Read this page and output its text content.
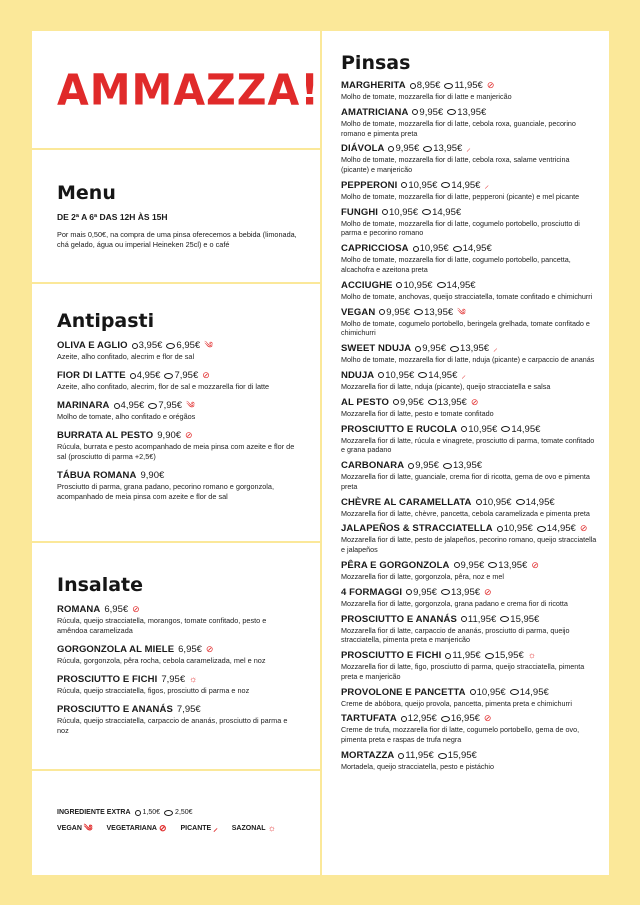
AMMAZZA!
Menu
DE 2ª A 6ª DAS 12H ÀS 15H
Por mais 0,50€, na compra de uma pinsa oferecemos a bebida (limonada, chá gelado, água ou imperial Heineken 25cl) e o café
Antipasti
OLIVA E AGLIO 3,95€ 6,95€ ༄
Azeite, alho confitado, alecrim e flor de sal
FIOR DI LATTE 4,95€ 7,95€ ⊘
Azeite, alho confitado, alecrim, flor de sal e mozzarella fior di latte
MARINARA 4,95€ 7,95€ ༄
Molho de tomate, alho confitado e orégãos
BURRATA AL PESTO 9,90€ ⊘
Rúcula, burrata e pesto acompanhado de meia pinsa com azeite e flor de sal (prosciutto di parma +2,5€)
TÁBUA ROMANA 9,90€
Prosciutto di parma, grana padano, pecorino romano e gorgonzola, acompanhado de meia pinsa com azeite e flor de sal
Insalate
ROMANA 6,95€ ⊘
Rúcula, queijo stracciatella, morangos, tomate confitado, pesto e amêndoa caramelizada
GORGONZOLA AL MIELE 6,95€ ⊘
Rúcula, gorgonzola, pêra rocha, cebola caramelizada, mel e noz
PROSCIUTTO E FICHI 7,95€ ☼
Rúcula, queijo stracciatella, figos, prosciutto di parma e noz
PROSCIUTTO E ANANÁS 7,95€
Rúcula, queijo stracciatella, carpaccio de ananás, prosciutto di parma e noz
Pinsas
MARGHERITA 8,95€ 11,95€ ⊘
Molho de tomate, mozzarella fior di latte e manjericão
AMATRICIANA 9,95€ 13,95€
Molho de tomate, mozzarella fior di latte, cebola roxa, guanciale, pecorino romano e pimenta preta
DIÁVOLA 9,95€ 13,95€ ⸝
Molho de tomate, mozzarella fior di latte, cebola roxa, salame ventricina (picante) e manjericão
PEPPERONI 10,95€ 14,95€ ⸝
Molho de tomate, mozzarella fior di latte, pepperoni (picante) e mel picante
FUNGHI 10,95€ 14,95€
Molho de tomate, mozzarella fior di latte, cogumelo portobello, prosciutto di parma e pecorino romano
CAPRICCIOSA 10,95€ 14,95€
Molho de tomate, mozzarella fior di latte, cogumelo portobello, pancetta, alcachofra e azeitona preta
ACCIUGHE 10,95€ 14,95€
Molho de tomate, anchovas, queijo stracciatella, tomate confitado e chimichurri
VEGAN 9,95€ 13,95€ ༄
Molho de tomate, cogumelo portobello, beringela grelhada, tomate confitado e chimichurri
SWEET NDUJA 9,95€ 13,95€ ⸝
Molho de tomate, mozzarella fior di latte, nduja (picante) e carpaccio de ananás
NDUJA 10,95€ 14,95€ ⸝
Mozzarella fior di latte, nduja (picante), queijo stracciatella e salsa
AL PESTO 9,95€ 13,95€ ⊘
Mozzarella fior di latte, pesto e tomate confitado
PROSCIUTTO E RUCOLA 10,95€ 14,95€
Mozzarella fior di latte, rúcula e vinagrete, prosciutto di parma, tomate confitado e grana padano
CARBONARA 9,95€ 13,95€
Mozzarella fior di latte, guanciale, crema fior di ricotta, gema de ovo e pimenta preta
CHÈVRE AL CARAMELLATA 10,95€ 14,95€
Mozzarella fior di latte, chèvre, pancetta, cebola caramelizada e pimenta preta
JALAPEÑOS & STRACCIATELLA 10,95€ 14,95€ ⊘
Mozzarella fior di latte, pesto de jalapeños, pecorino romano, queijo stracciatella e jalapeños
PÊRA E GORGONZOLA 9,95€ 13,95€ ⊘
Mozzarella fior di latte, gorgonzola, pêra, noz e mel
4 FORMAGGI 9,95€ 13,95€ ⊘
Mozzarella fior di latte, gorgonzola, grana padano e crema fior di ricotta
PROSCIUTTO E ANANÁS 11,95€ 15,95€
Mozzarella fior di latte, carpaccio de ananás, prosciutto di parma, queijo stracciatella, pimenta preta e manjericão
PROSCIUTTO E FICHI 11,95€ 15,95€ ☼
Mozzarella fior di latte, figo, prosciutto di parma, queijo stracciatella, pimenta preta e manjericão
PROVOLONE E PANCETTA 10,95€ 14,95€
Creme de abóbora, queijo provola, pancetta, pimenta preta e chimichurri
TARTUFATA 12,95€ 16,95€ ⊘
Creme de trufa, mozzarella fior di latte, cogumelo portobello, gema de ovo, pimenta preta e raspas de trufa negra
MORTAZZA 11,95€ 15,95€
Mortadela, queijo stracciatella, pesto e pistáchio
INGREDIENTE EXTRA 1,50€ 2,50€
VEGAN ༄ VEGETARIANA ⊘ PICANTE ⸝ SAZONAL ☼
